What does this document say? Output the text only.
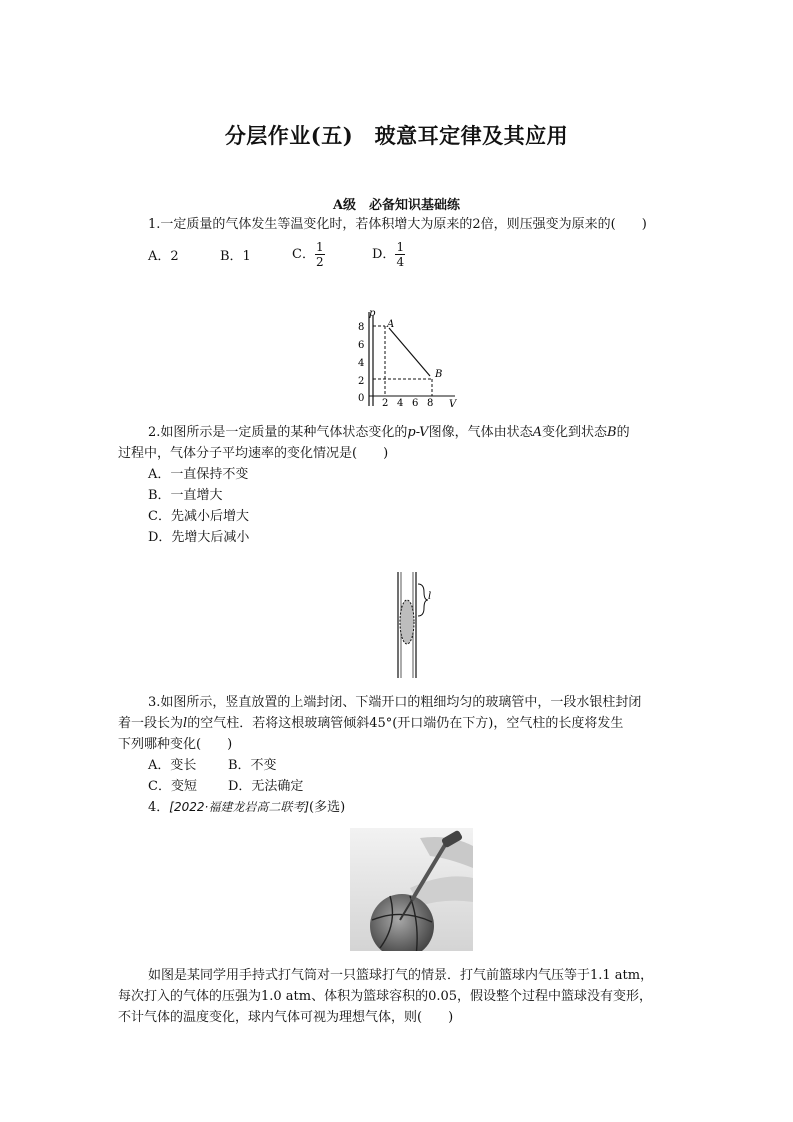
分层作业(五)　玻意耳定律及其应用
A级　必备知识基础练
1.一定质量的气体发生等温变化时，若体积增大为原来的2倍，则压强变为原来的(　　)
A．2	B．1	C． $\frac{1}{2}$	D． $\frac{1}{4}$
p
V
8
6
4
2
0 2 4 6 8
A
B
2.如图所示是一定质量的某种气体状态变化的p-V图像，气体由状态A变化到状态B的
过程中，气体分子平均速率的变化情况是(　　)
A．一直保持不变
B．一直增大
C．先减小后增大
D．先增大后减小
l
3.如图所示，竖直放置的上端封闭、下端开口的粗细均匀的玻璃管中，一段水银柱封闭
着一段长为l的空气柱．若将这根玻璃管倾斜45°(开口端仍在下方)，空气柱的长度将发生
下列哪种变化(　　)
A．变长 B．不变
C．变短 D．无法确定
4．[2022·福建龙岩高二联考](多选)
如图是某同学用手持式打气筒对一只篮球打气的情景．打气前篮球内气压等于1.1 atm，
每次打入的气体的压强为1.0 atm、体积为篮球容积的0.05，假设整个过程中篮球没有变形，
不计气体的温度变化，球内气体可视为理想气体，则(　　)
